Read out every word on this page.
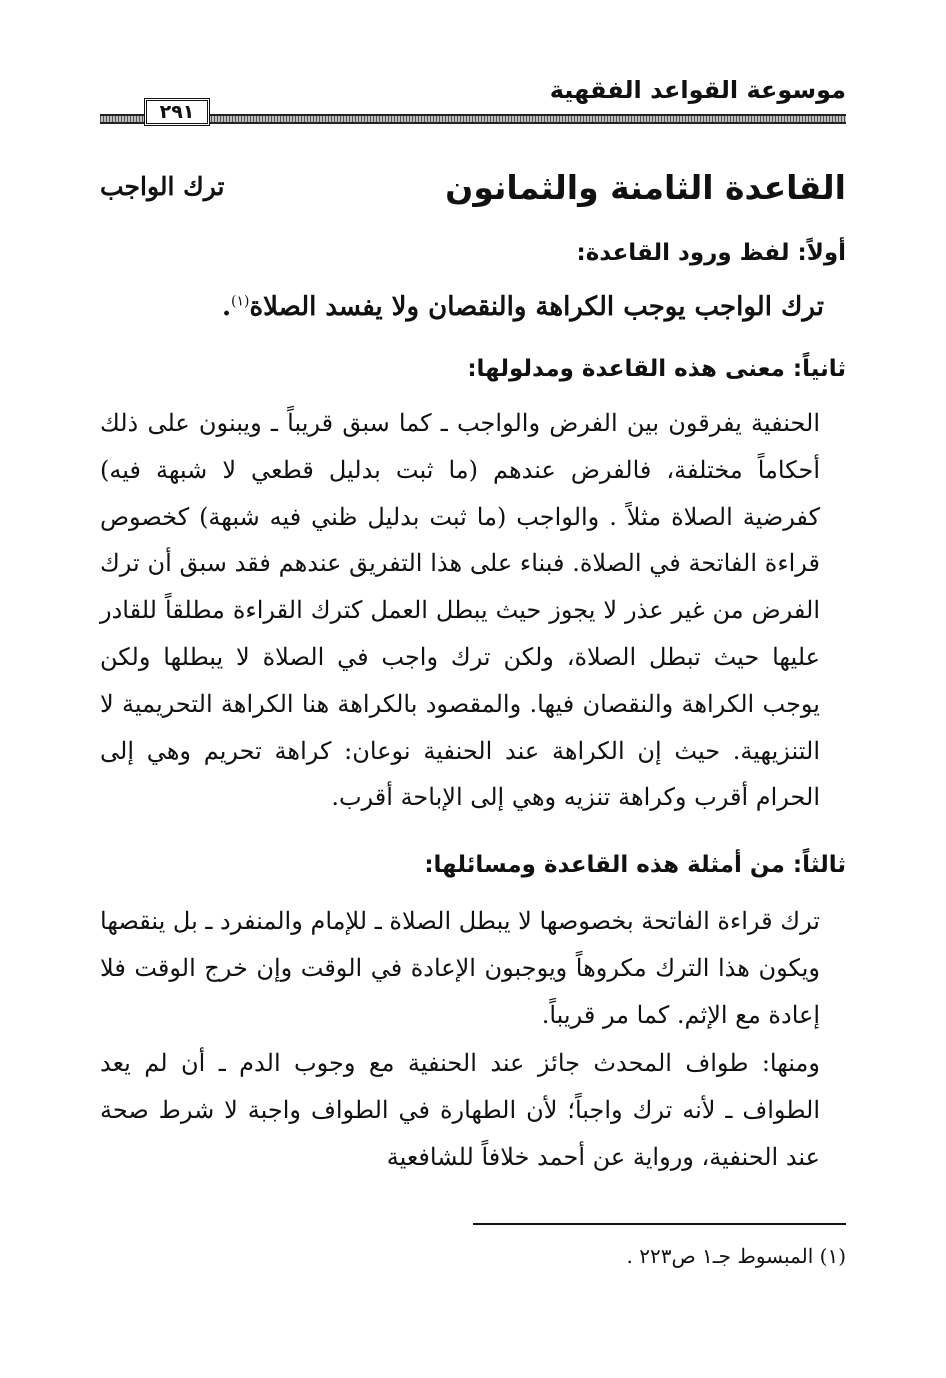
موسوعة القواعد الفقهية
٢٩١
القاعدة الثامنة والثمانون
ترك الواجب
أولاً: لفظ ورود القاعدة:
ترك الواجب يوجب الكراهة والنقصان ولا يفسد الصلاة$^{(١)}$.
ثانياً: معنى هذه القاعدة ومدلولها:

الحنفية يفرقون بين الفرض والواجب ـ كما سبق قريباً ـ ويبنون على ذلك أحكاماً مختلفة، فالفرض عندهم (ما ثبت بدليل قطعي لا شبهة فيه) كفرضية الصلاة مثلاً . والواجب (ما ثبت بدليل ظني فيه شبهة) كخصوص قراءة الفاتحة في الصلاة. فبناء على هذا التفريق عندهم فقد سبق أن ترك الفرض من غير عذر لا يجوز حيث يبطل العمل كترك القراءة مطلقاً للقادر عليها حيث تبطل الصلاة، ولكن ترك واجب في الصلاة لا يبطلها ولكن يوجب الكراهة والنقصان فيها. والمقصود بالكراهة هنا الكراهة التحريمية لا التنزيهية. حيث إن الكراهة عند الحنفية نوعان: كراهة تحريم وهي إلى الحرام أقرب وكراهة تنزيه وهي إلى الإباحة أقرب.

ثالثاً: من أمثلة هذه القاعدة ومسائلها:

ترك قراءة الفاتحة بخصوصها لا يبطل الصلاة ـ للإمام والمنفرد ـ بل ينقصها ويكون هذا الترك مكروهاً ويوجبون الإعادة في الوقت وإن خرج الوقت فلا إعادة مع الإثم. كما مر قريباً.

ومنها: طواف المحدث جائز عند الحنفية مع وجوب الدم ـ أن لم يعد الطواف ـ لأنه ترك واجباً؛ لأن الطهارة في الطواف واجبة لا شرط صحة عند الحنفية، ورواية عن أحمد خلافاً للشافعية

(١) المبسوط جـ١ ص٢٢٣ .
